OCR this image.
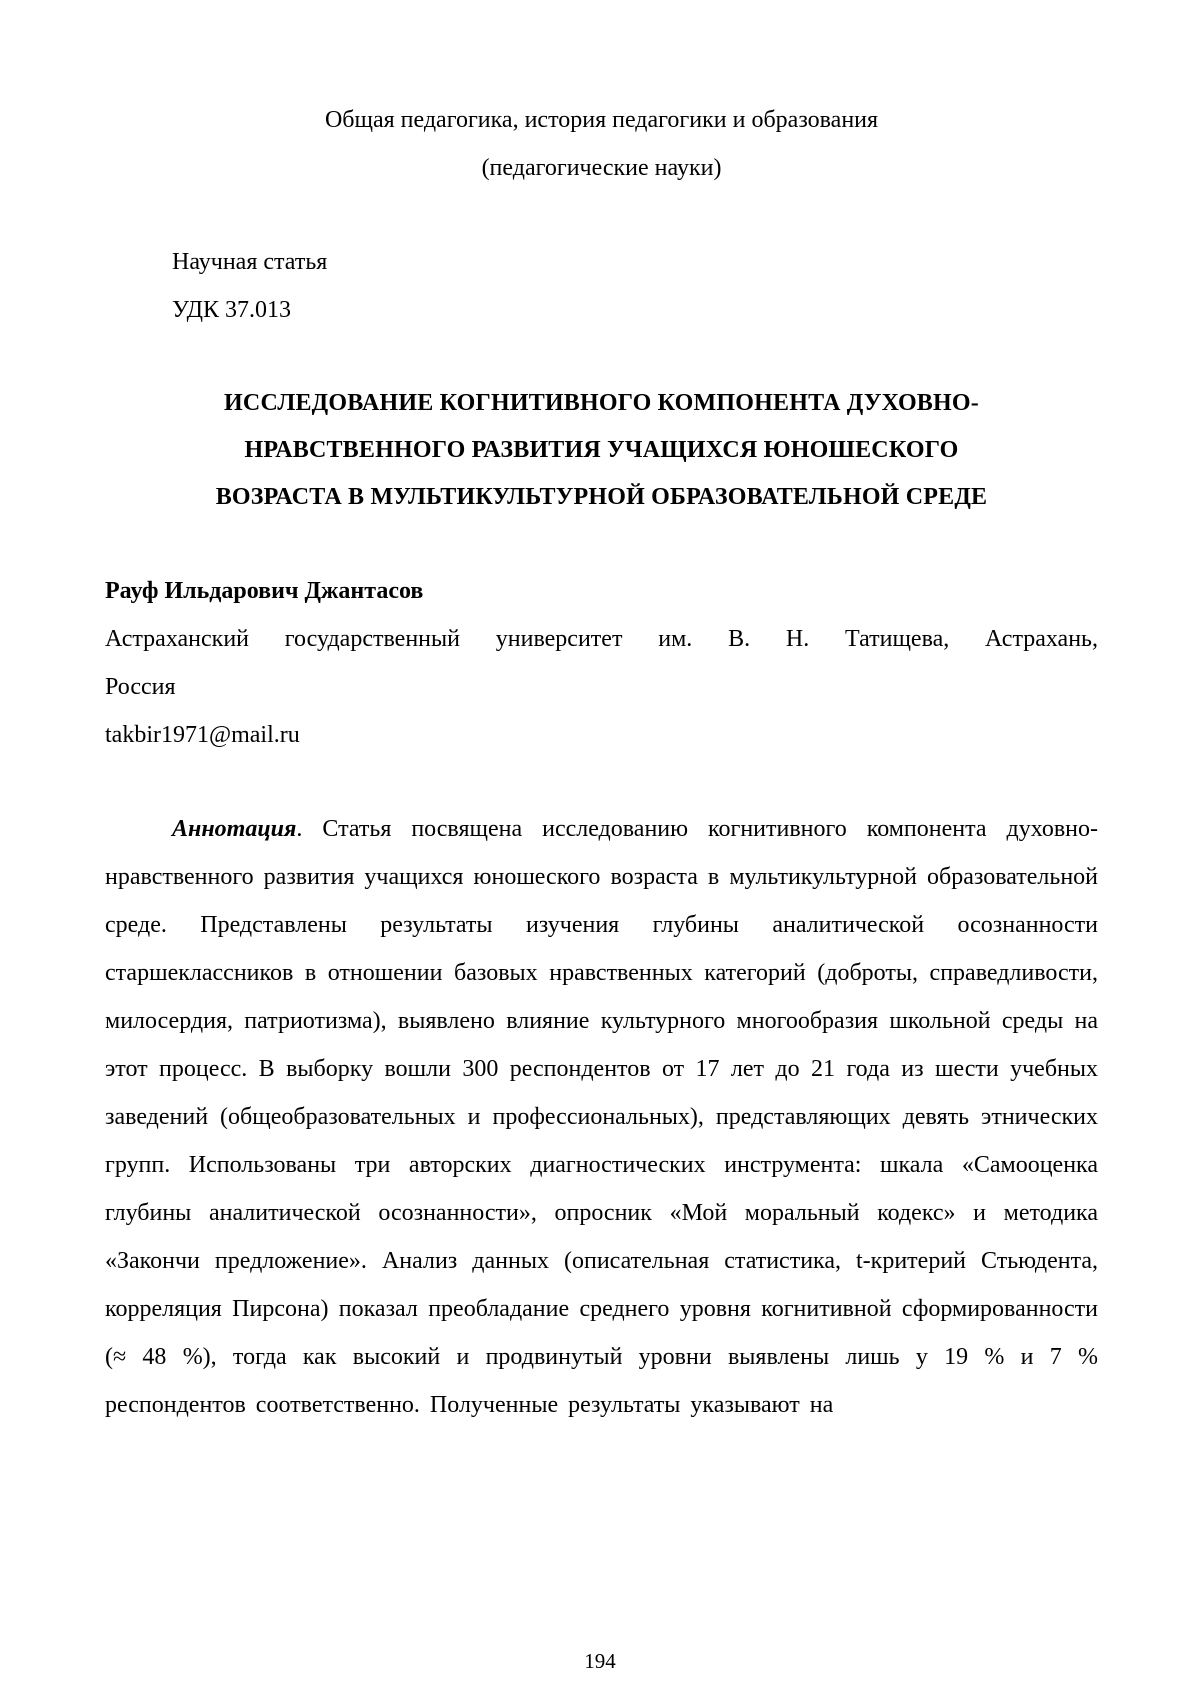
Общая педагогика, история педагогики и образования
(педагогические науки)
Научная статья
УДК 37.013
ИССЛЕДОВАНИЕ КОГНИТИВНОГО КОМПОНЕНТА ДУХОВНО-
НРАВСТВЕННОГО РАЗВИТИЯ УЧАЩИХСЯ ЮНОШЕСКОГО
ВОЗРАСТА В МУЛЬТИКУЛЬТУРНОЙ ОБРАЗОВАТЕЛЬНОЙ СРЕДЕ
Рауф Ильдарович Джантасов
Астраханский государственный университет им. В. Н. Татищева, Астрахань,
Россия
takbir1971@mail.ru

Аннотация. Статья посвящена исследованию когнитивного компонента духовно-нравственного развития учащихся юношеского возраста в мультикультурной образовательной среде. Представлены результаты изучения глубины аналитической осознанности старшеклассников в отношении базовых нравственных категорий (доброты, справедливости, милосердия, патриотизма), выявлено влияние культурного многообразия школьной среды на этот процесс. В выборку вошли 300 респондентов от 17 лет до 21 года из шести учебных заведений (общеобразовательных и профессиональных), представляющих девять этнических групп. Использованы три авторских диагностических инструмента: шкала «Самооценка глубины аналитической осознанности», опросник «Мой моральный кодекс» и методика «Закончи предложение». Анализ данных (описательная статистика, t-критерий Стьюдента, корреляция Пирсона) показал преобладание среднего уровня когнитивной сформированности (≈ 48 %), тогда как высокий и продвинутый уровни выявлены лишь у 19 % и 7 % респондентов соответственно. Полученные результаты указывают на

194
